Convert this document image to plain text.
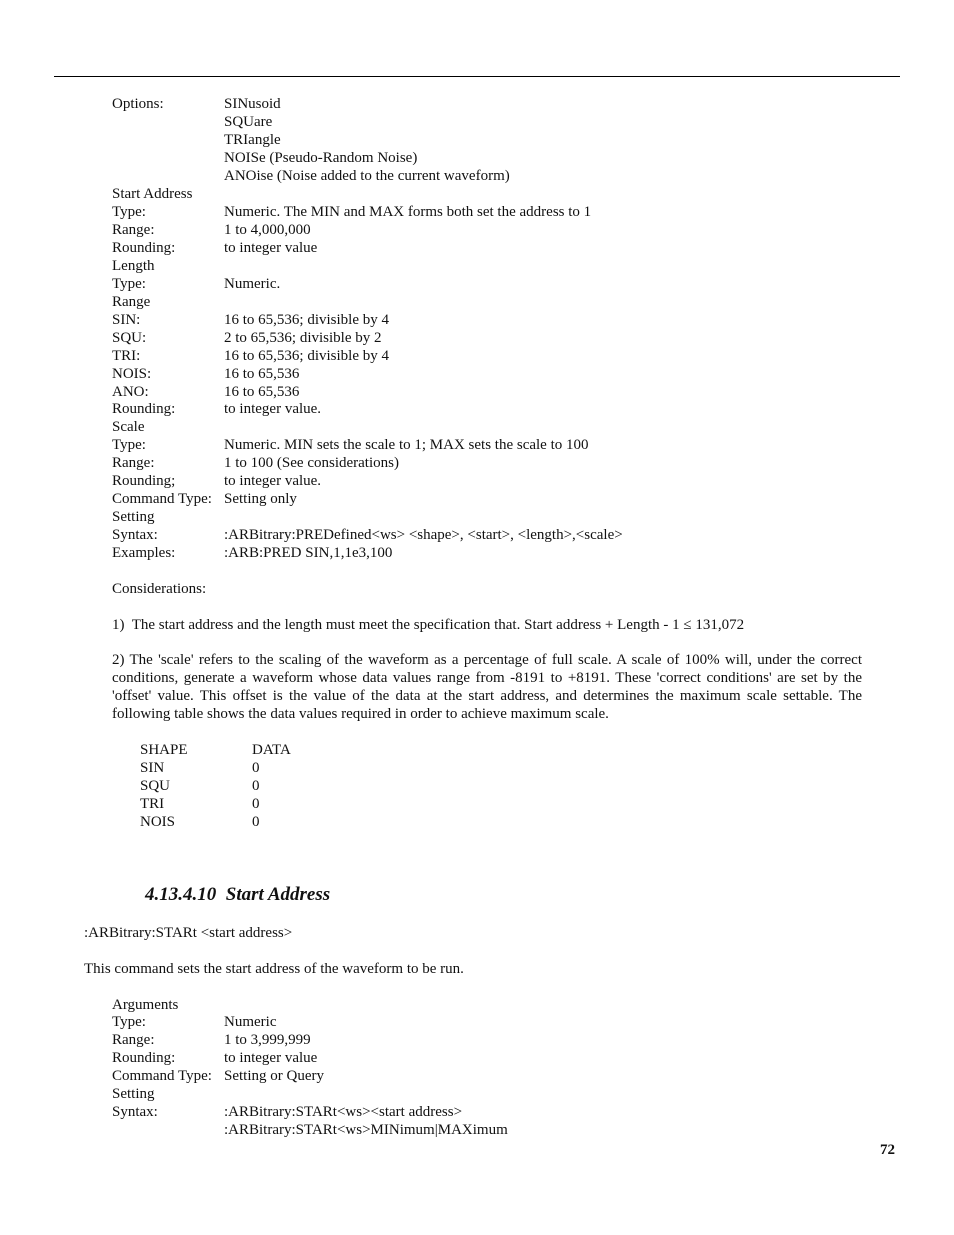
Options:	SINusoid
SQUare
TRIangle
NOISe (Pseudo-Random Noise)
ANOise (Noise added to the current waveform)
Start Address
Type:	Numeric. The MIN and MAX forms both set the address to 1
Range:	1 to 4,000,000
Rounding:	to integer value
Length
Type:	Numeric.
Range
SIN:	16 to 65,536; divisible by 4
SQU:	2 to 65,536; divisible by 2
TRI:	16 to 65,536; divisible by 4
NOIS:	16 to 65,536
ANO:	16 to 65,536
Rounding:	to integer value.
Scale
Type:	Numeric. MIN sets the scale to 1; MAX sets the scale to 100
Range:	1 to 100 (See considerations)
Rounding;	to integer value.
Command Type: Setting only
Setting
Syntax:	:ARBitrary:PREDefined<ws> <shape>, <start>, <length>,<scale>
Examples:	:ARB:PRED SIN,1,1e3,100
Considerations:
1)  The start address and the length must meet the specification that. Start address + Length - 1 ≤ 131,072
2) The 'scale' refers to the scaling of the waveform as a percentage of full scale. A scale of 100% will, under the correct conditions, generate a waveform whose data values range from -8191 to +8191. These 'correct conditions' are set by the 'offset' value. This offset is the value of the data at the start address, and determines the maximum scale settable. The following table shows the data values required in order to achieve maximum scale.
SHAPE	DATA
SIN	0
SQU	0
TRI	0
NOIS	0
4.13.4.10  Start Address
:ARBitrary:STARt <start address>
This command sets the start address of the waveform to be run.
Arguments
Type:	Numeric
Range:	1 to 3,999,999
Rounding:	to integer value
Command Type: Setting or Query
Setting
Syntax:	:ARBitrary:STARt<ws><start address>
:ARBitrary:STARt<ws>MINimum|MAXimum
72
